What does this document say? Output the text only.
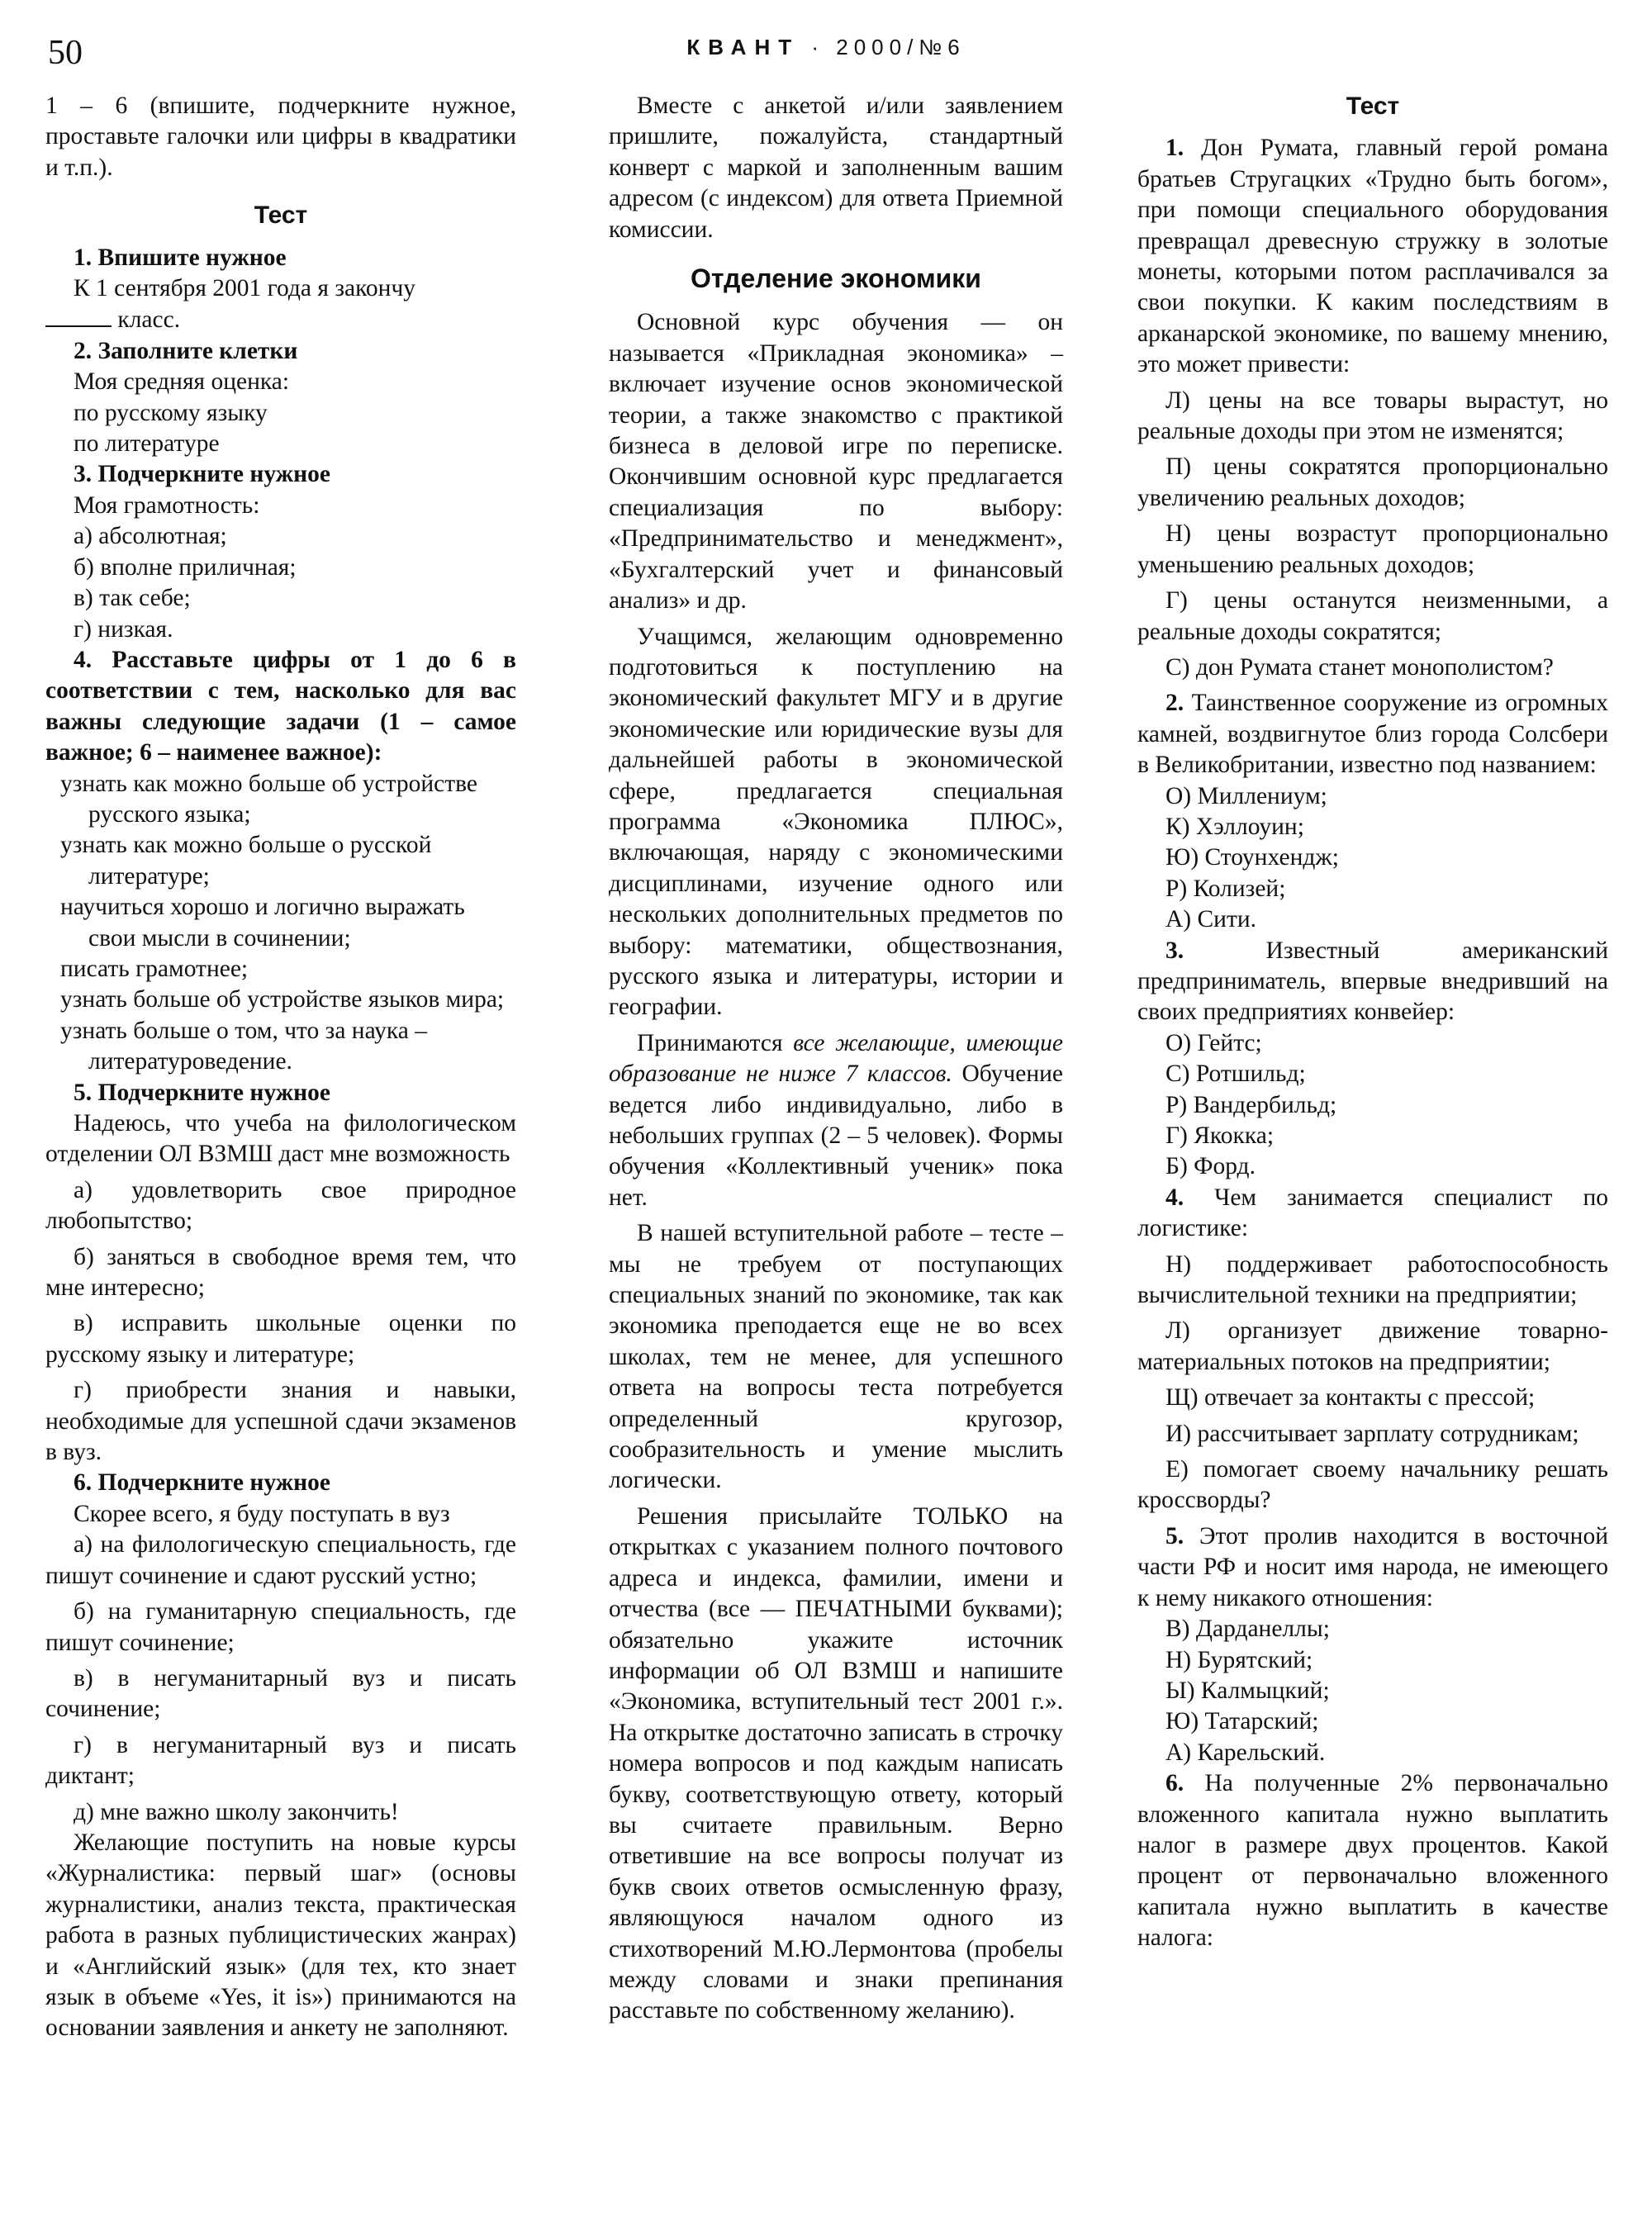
50	КВАНТ · 2000/№6

1 – 6 (впишите, подчеркните нужное, проставьте галочки или цифры в квадратики и т.п.).

Тест

1. Впишите нужное

К 1 сентября 2001 года я закончу

класс.

2. Заполните клетки

Моя средняя оценка:

по русскому языку

по литературе

3. Подчеркните нужное

Моя грамотность:

а) абсолютная;

б) вполне приличная;

в) так себе;

г) низкая.

4. Расставьте цифры от 1 до 6 в соответствии с тем, насколько для вас важны следующие задачи (1 – самое важное; 6 – наименее важное):

узнать как можно больше об устройстве русского языка;

узнать как можно больше о русской литературе;

научиться хорошо и логично выражать свои мысли в сочинении;

писать грамотнее;

узнать больше об устройстве языков мира;

узнать больше о том, что за наука – литературоведение.

5. Подчеркните нужное

Надеюсь, что учеба на филологическом отделении ОЛ ВЗМШ даст мне возможность

а) удовлетворить свое природное любопытство;

б) заняться в свободное время тем, что мне интересно;

в) исправить школьные оценки по русскому языку и литературе;

г) приобрести знания и навыки, необходимые для успешной сдачи экзаменов в вуз.

6. Подчеркните нужное

Скорее всего, я буду поступать в вуз

а) на филологическую специальность, где пишут сочинение и сдают русский устно;

б) на гуманитарную специальность, где пишут сочинение;

в) в негуманитарный вуз и писать сочинение;

г) в негуманитарный вуз и писать диктант;

д) мне важно школу закончить!

Желающие поступить на новые курсы «Журналистика: первый шаг» (основы журналистики, анализ текста, практическая работа в разных публицистических жанрах) и «Английский язык» (для тех, кто знает язык в объеме «Yes, it is») принимаются на основании заявления и анкету не заполняют.

Вместе с анкетой и/или заявлением пришлите, пожалуйста, стандартный конверт с маркой и заполненным вашим адресом (с индексом) для ответа Приемной комиссии.

Отделение экономики

Основной курс обучения — он называется «Прикладная экономика» – включает изучение основ экономической теории, а также знакомство с практикой бизнеса в деловой игре по переписке. Окончившим основной курс предлагается специализация по выбору: «Предпринимательство и менеджмент», «Бухгалтерский учет и финансовый анализ» и др.

Учащимся, желающим одновременно подготовиться к поступлению на экономический факультет МГУ и в другие экономические или юридические вузы для дальнейшей работы в экономической сфере, предлагается специальная программа «Экономика ПЛЮС», включающая, наряду с экономическими дисциплинами, изучение одного или нескольких дополнительных предметов по выбору: математики, обществознания, русского языка и литературы, истории и географии.

Принимаются все желающие, имеющие образование не ниже 7 классов. Обучение ведется либо индивидуально, либо в небольших группах (2 – 5 человек). Формы обучения «Коллективный ученик» пока нет.

В нашей вступительной работе – тесте – мы не требуем от поступающих специальных знаний по экономике, так как экономика преподается еще не во всех школах, тем не менее, для успешного ответа на вопросы теста потребуется определенный кругозор, сообразительность и умение мыслить логически.

Решения присылайте ТОЛЬКО на открытках с указанием полного почтового адреса и индекса, фамилии, имени и отчества (все — ПЕЧАТНЫМИ буквами); обязательно укажите источник информации об ОЛ ВЗМШ и напишите «Экономика, вступительный тест 2001 г.». На открытке достаточно записать в строчку номера вопросов и под каждым написать букву, соответствующую ответу, который вы считаете правильным. Верно ответившие на все вопросы получат из букв своих ответов осмысленную фразу, являющуюся началом одного из стихотворений М.Ю.Лермонтова (пробелы между словами и знаки препинания расставьте по собственному желанию).

Тест

1. Дон Румата, главный герой романа братьев Стругацких «Трудно быть богом», при помощи специального оборудования превращал древесную стружку в золотые монеты, которыми потом расплачивался за свои покупки. К каким последствиям в арканарской экономике, по вашему мнению, это может привести:

Л) цены на все товары вырастут, но реальные доходы при этом не изменятся;

П) цены сократятся пропорционально увеличению реальных доходов;

Н) цены возрастут пропорционально уменьшению реальных доходов;

Г) цены останутся неизменными, а реальные доходы сократятся;

С) дон Румата станет монополистом?

2. Таинственное сооружение из огромных камней, воздвигнутое близ города Солсбери в Великобритании, известно под названием:

О) Миллениум;

К) Хэллоуин;

Ю) Стоунхендж;

Р) Колизей;

А) Сити.

3.	Известный американский предприниматель, впервые внедривший на своих предприятиях конвейер:

О) Гейтс;

С) Ротшильд;

Р) Вандербильд;

Г) Якокка;

Б) Форд.

4. Чем занимается специалист по логистике:

Н) поддерживает работоспособность вычислительной техники на предприятии;

Л) организует движение товарно-материальных потоков на предприятии;

Щ) отвечает за контакты с прессой;

И) рассчитывает зарплату сотрудникам;

Е) помогает своему начальнику решать кроссворды?

5. Этот пролив находится в восточной части РФ и носит имя народа, не имеющего к нему никакого отношения:

В) Дарданеллы;

Н) Бурятский;

Ы) Калмыцкий;

Ю) Татарский;

А) Карельский.

6. На полученные 2% первоначально вложенного капитала нужно выплатить налог в размере двух процентов. Какой процент от первоначально вложенного капитала нужно выплатить в качестве налога:
